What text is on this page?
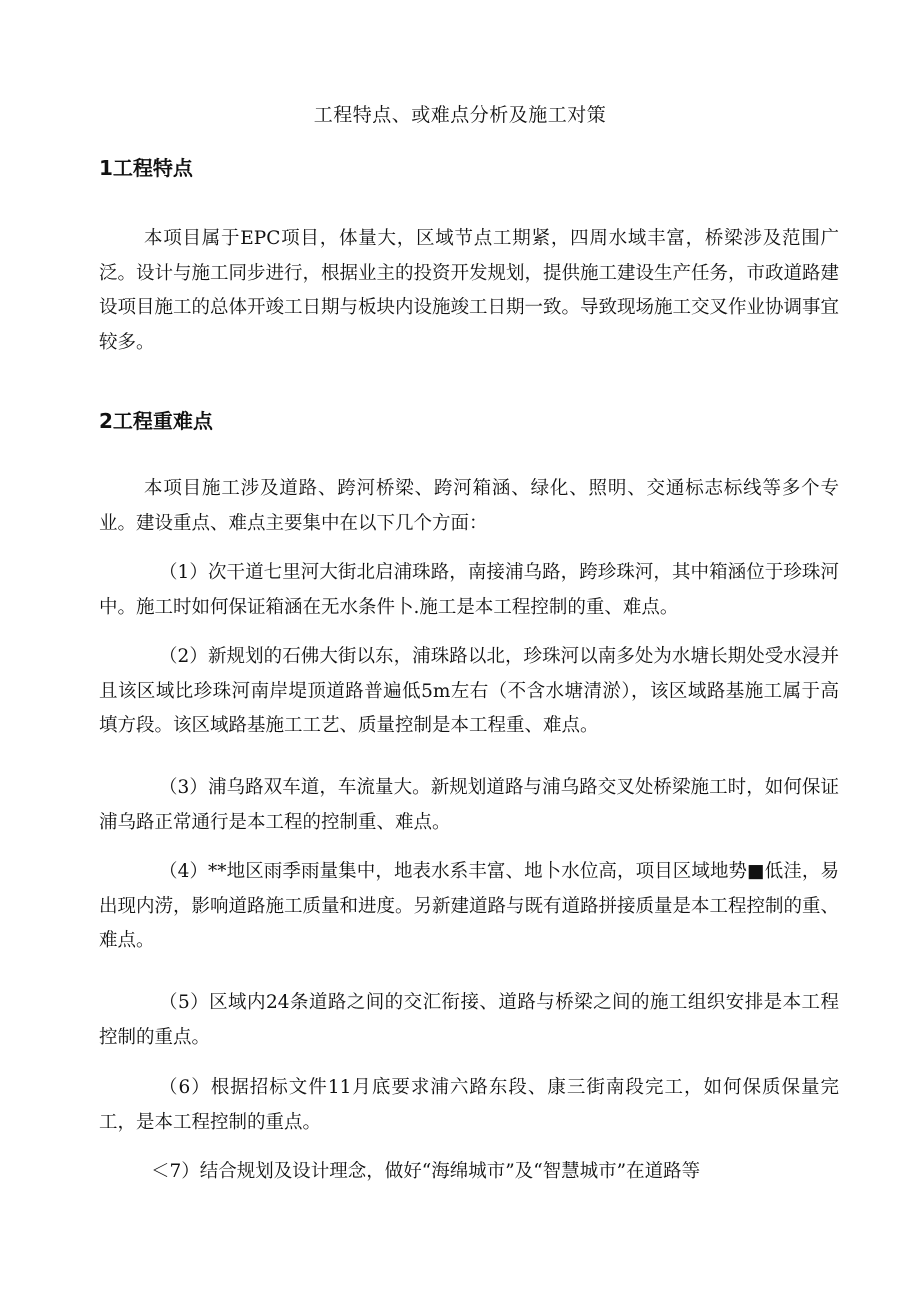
工程特点、或难点分析及施工对策
1工程特点

本项目属于EPC项目，体量大，区域节点工期紧，四周水域丰富，桥梁涉及范围广泛。设计与施工同步进行，根据业主的投资开发规划，提供施工建设生产任务，市政道路建设项目施工的总体开竣工日期与板块内设施竣工日期一致。导致现场施工交叉作业协调事宜较多。

2工程重难点

本项目施工涉及道路、跨河桥梁、跨河箱涵、绿化、照明、交通标志标线等多个专业。建设重点、难点主要集中在以下几个方面：

（1）次干道七里河大街北启浦珠路，南接浦乌路，跨珍珠河，其中箱涵位于珍珠河中。施工时如何保证箱涵在无水条件卜.施工是本工程控制的重、难点。

（2）新规划的石佛大街以东，浦珠路以北，珍珠河以南多处为水塘长期处受水浸并且该区域比珍珠河南岸堤顶道路普遍低5m左右（不含水塘清淤），该区域路基施工属于高填方段。该区域路基施工工艺、质量控制是本工程重、难点。

（3）浦乌路双车道，车流量大。新规划道路与浦乌路交叉处桥梁施工时，如何保证浦乌路正常通行是本工程的控制重、难点。

（4）**地区雨季雨量集中，地表水系丰富、地卜水位高，项目区域地势■低洼，易出现内涝，影响道路施工质量和进度。另新建道路与既有道路拼接质量是本工程控制的重、难点。

（5）区域内24条道路之间的交汇衔接、道路与桥梁之间的施工组织安排是本工程控制的重点。

（6）根据招标文件11月底要求浦六路东段、康三街南段完工，如何保质保量完工，是本工程控制的重点。

＜7）结合规划及设计理念，做好“海绵城市”及“智慧城市”在道路等
